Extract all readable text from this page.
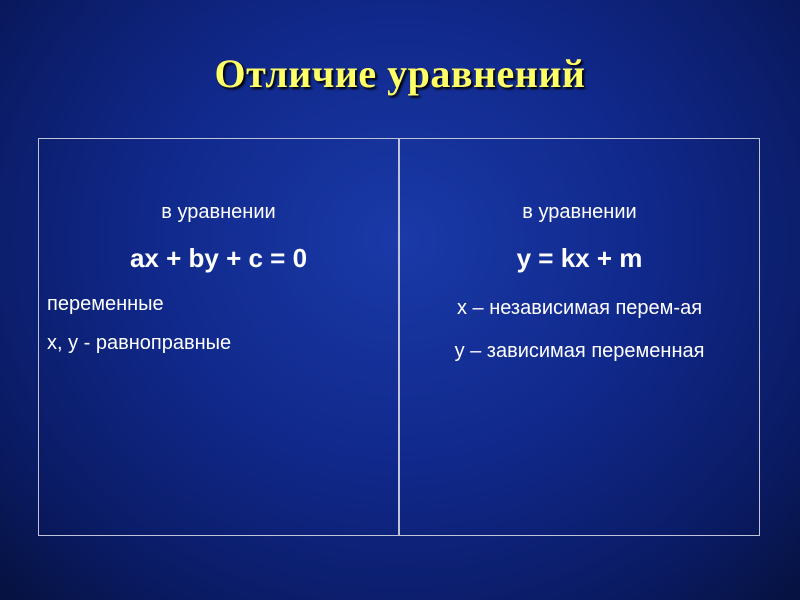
Отличие уравнений
в уравнении
ax + by + c = 0
переменные
х, у - равноправные
в уравнении
y = kx + m
х – независимая перем-ая
у – зависимая переменная
